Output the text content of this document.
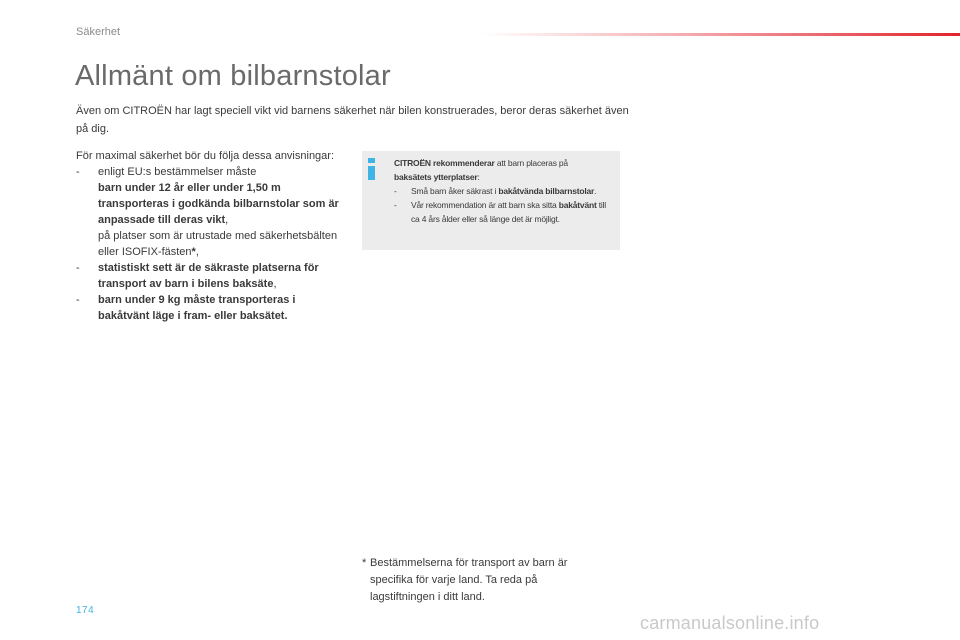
Säkerhet
Allmänt om bilbarnstolar

Även om CITROËN har lagt speciell vikt vid barnens säkerhet när bilen konstruerades, beror deras säkerhet även på dig.

För maximal säkerhet bör du följa dessa anvisningar:

- enligt EU:s bestämmelser måste
barn under 12 år eller under 1,50 m transporteras i godkända bilbarnstolar som är anpassade till deras vikt,
på platser som är utrustade med säkerhetsbälten eller ISOFIX-fästen*,
- statistiskt sett är de säkraste platserna för transport av barn i bilens baksäte,
- barn under 9 kg måste transporteras i bakåtvänt läge i fram- eller baksätet.

CITROËN rekommenderar att barn placeras på
baksätets ytterplatser:

- Små barn åker säkrast i bakåtvända bilbarnstolar.
- Vår rekommendation är att barn ska sitta bakåtvänt till ca 4 års ålder eller så länge det är möjligt.
* Bestämmelserna för transport av barn är specifika för varje land. Ta reda på lagstiftningen i ditt land.
174
carmanualsonline.info
